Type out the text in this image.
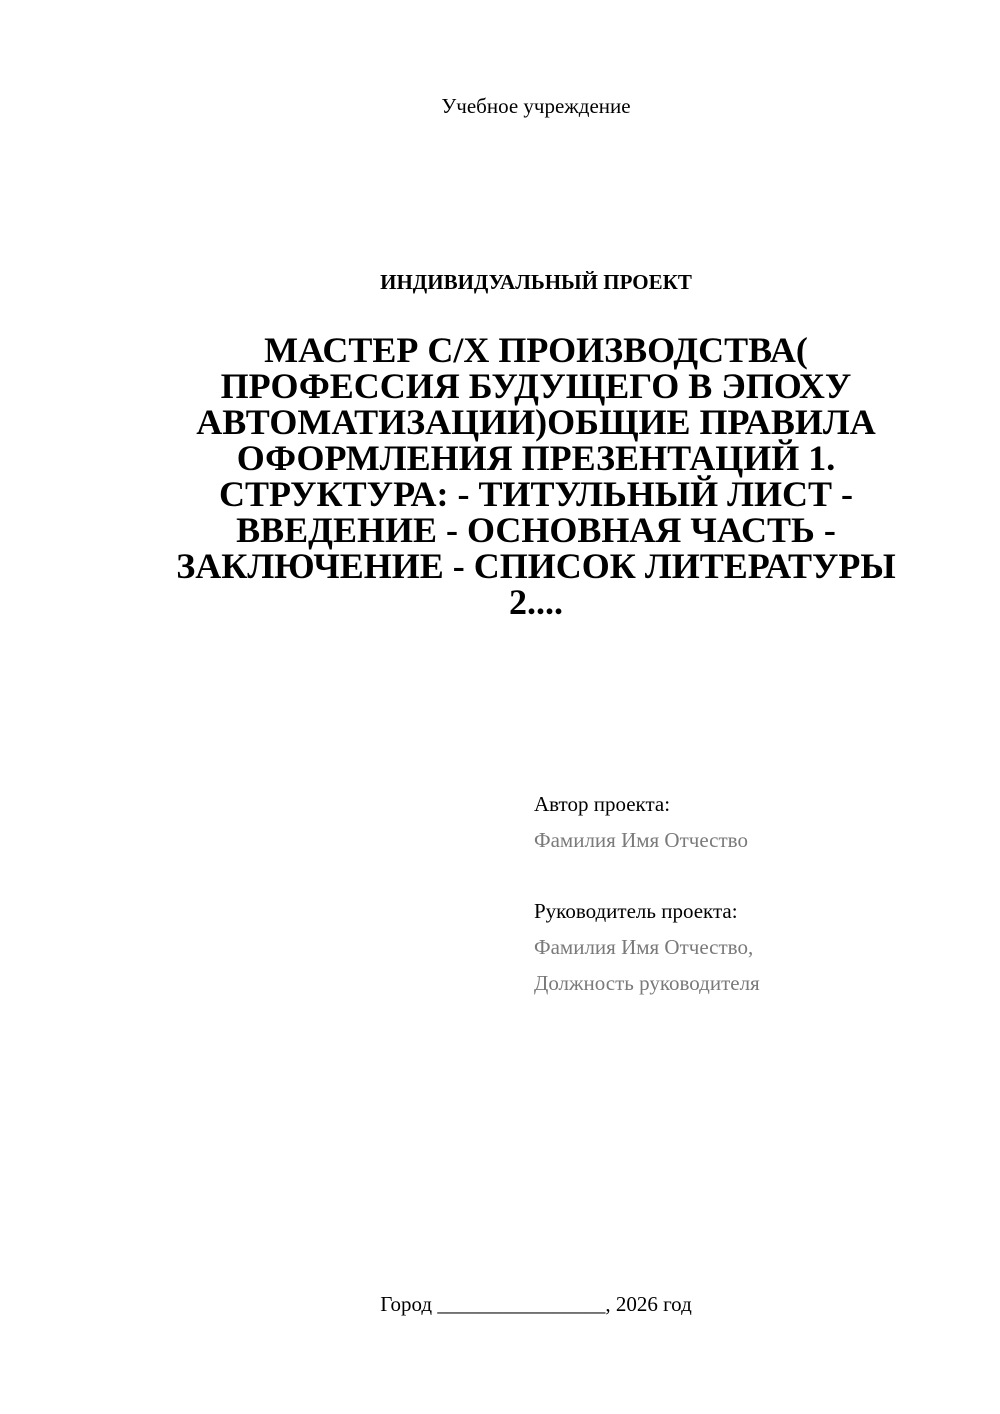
Учебное учреждение
ИНДИВИДУАЛЬНЫЙ ПРОЕКТ
МАСТЕР С/Х ПРОИЗВОДСТВА( ПРОФЕССИЯ БУДУЩЕГО В ЭПОХУ АВТОМАТИЗАЦИИ)ОБЩИЕ ПРАВИЛА ОФОРМЛЕНИЯ ПРЕЗЕНТАЦИЙ 1. СТРУКТУРА: - ТИТУЛЬНЫЙ ЛИСТ - ВВЕДЕНИЕ - ОСНОВНАЯ ЧАСТЬ - ЗАКЛЮЧЕНИЕ - СПИСОК ЛИТЕРАТУРЫ 2....
Автор проекта:
Фамилия Имя Отчество
Руководитель проекта:
Фамилия Имя Отчество,
Должность руководителя
Город ________________, 2026 год
